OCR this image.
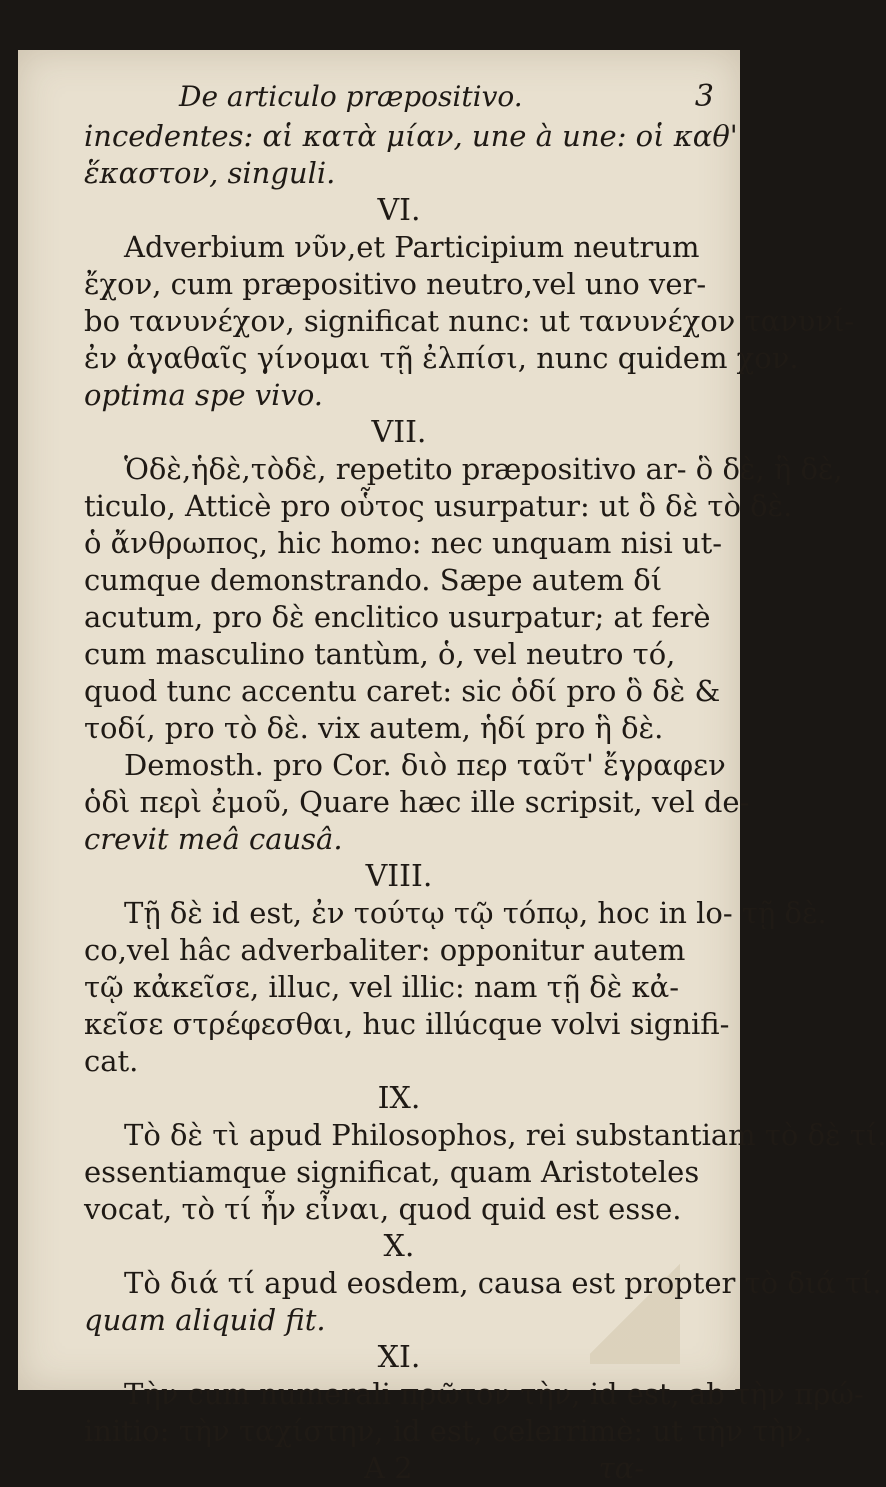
De articulo præpositivo.	3
incedentes: αἱ κατὰ μίαν, une à une: οἱ καθ'
ἕκαστον, singuli.
VI.
Adverbium νῦν,et Participium neutrum
ἔχον, cum præpositivo neutro,vel uno ver-
bo τανυνέχον, significat nunc: ut τανυνέχον τανυνί-
ἐν ἀγαθαῖς γίνομαι τῇ ἐλπίσι, nunc quidem χον.
optima spe vivo.
VII.
Ὁδὲ,ἡδὲ,τὸδὲ, repetito præpositivo ar- ὃ δὲ, ἣ δὲ,
ticulo, Atticè pro οὗτος usurpatur: ut ὃ δὲ τὸ δὲ.
ὁ ἄνθρωπος, hic homo: nec unquam nisi ut-
cumque demonstrando. Sæpe autem δί
acutum, pro δὲ enclitico usurpatur; at ferè
cum masculino tantùm, ὁ, vel neutro τό,
quod tunc accentu caret: sic ὁδί pro ὃ δὲ &
τοδί, pro τὸ δὲ. vix autem, ἡδί pro ἣ δὲ.
Demosth. pro Cor. διὸ περ ταῦτ' ἔγραφεν
ὁδὶ περὶ ἐμοῦ, Quare hæc ille scripsit, vel de-
crevit meâ causâ.
VIII.
Τῇ δὲ id est, ἐν τούτῳ τῷ τόπῳ, hoc in lo- τῇ δὲ.
co,vel hâc adverbaliter: opponitur autem
τῷ κἀκεῖσε, illuc, vel illic: nam τῇ δὲ κἀ-
κεῖσε στρέφεσθαι, huc illúcque volvi signifi-
cat.
IX.
Τὸ δὲ τὶ apud Philosophos, rei substantiam τὸ δὲ τί.
essentiamque significat, quam Aristoteles
vocat, τὸ τί ἦν εἶναι, quod quid est esse.
X.
Τὸ διά τί apud eosdem, causa est propter τὸ διά τί.
quam aliquid fit.
XI.
Τὴν cum numerali πρῶτον τὴν, id est, ab τὴν πρώ-
initio: τὴν ταχίστην, id est, celerrimè: ut τὴν τὴν.
A 2	τα-
